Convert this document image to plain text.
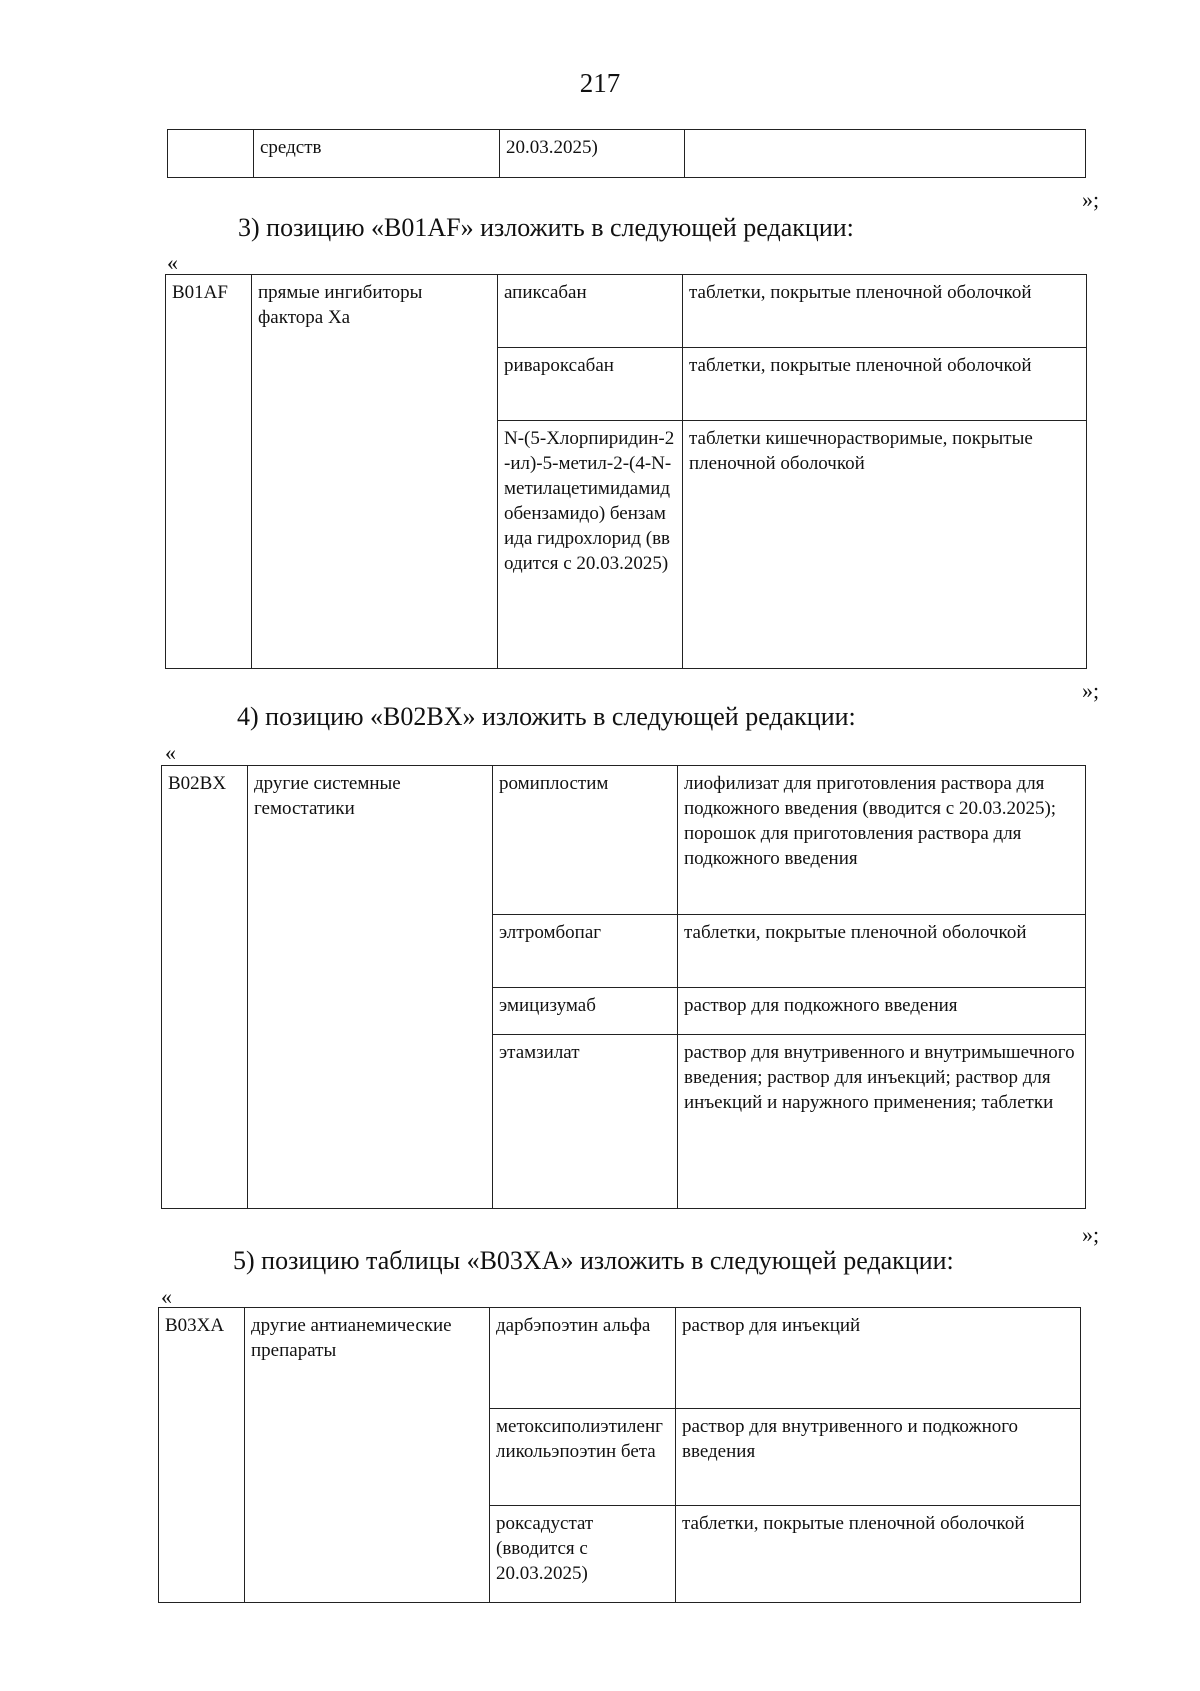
217
	средств	20.03.2025)	
»;
3) позицию «B01AF» изложить в следующей редакции:
«
B01AF	прямые ингибиторы фактора Ха	апиксабан	таблетки, покрытые пленочной оболочкой
		ривароксабан	таблетки, покрытые пленочной оболочкой
		N-(5-Хлорпиридин-2-ил)-5-метил-2-(4-N-метилацетимидамидобензамидо) бензамида гидрохлорид (вводится с 20.03.2025)	таблетки кишечнорастворимые, покрытые пленочной оболочкой
»;
4) позицию «B02BX» изложить в следующей редакции:
«
B02BX	другие системные гемостатики	ромиплостим	лиофилизат для приготовления раствора для подкожного введения (вводится с 20.03.2025); порошок для приготовления раствора для подкожного введения
		элтромбопаг	таблетки, покрытые пленочной оболочкой
		эмицизумаб	раствор для подкожного введения
		этамзилат	раствор для внутривенного и внутримышечного введения; раствор для инъекций; раствор для инъекций и наружного применения; таблетки
»;
5) позицию таблицы «B03XA» изложить в следующей редакции:
«
B03XA	другие антианемические препараты	дарбэпоэтин альфа	раствор для инъекций
		метоксиполиэтиленгликольэпоэтин бета	раствор для внутривенного и подкожного введения
		роксадустат (вводится с 20.03.2025)	таблетки, покрытые пленочной оболочкой
